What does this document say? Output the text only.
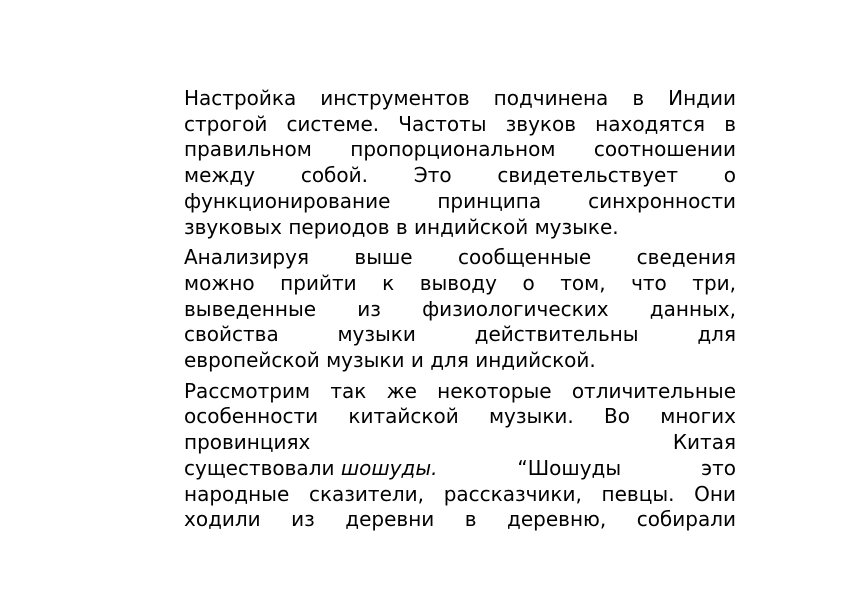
Настройка инструментов подчинена в Индии
строгой системе. Частоты звуков находятся в
правильном пропорциональном соотношении
между собой. Это свидетельствует о
функционирование принципа синхронности
звуковых периодов в индийской музыке.

Анализируя выше сообщенные сведения
можно прийти к выводу о том, что три,
выведенные из физиологических данных,
свойства музыки действительны для
европейской музыки и для индийской.

Рассмотрим так же некоторые отличительные
особенности китайской музыки. Во многих
провинциях	Китая
существовали шошуды.	“Шошуды	это
народные сказители, рассказчики, певцы. Они
ходили из деревни в деревню, собирали
